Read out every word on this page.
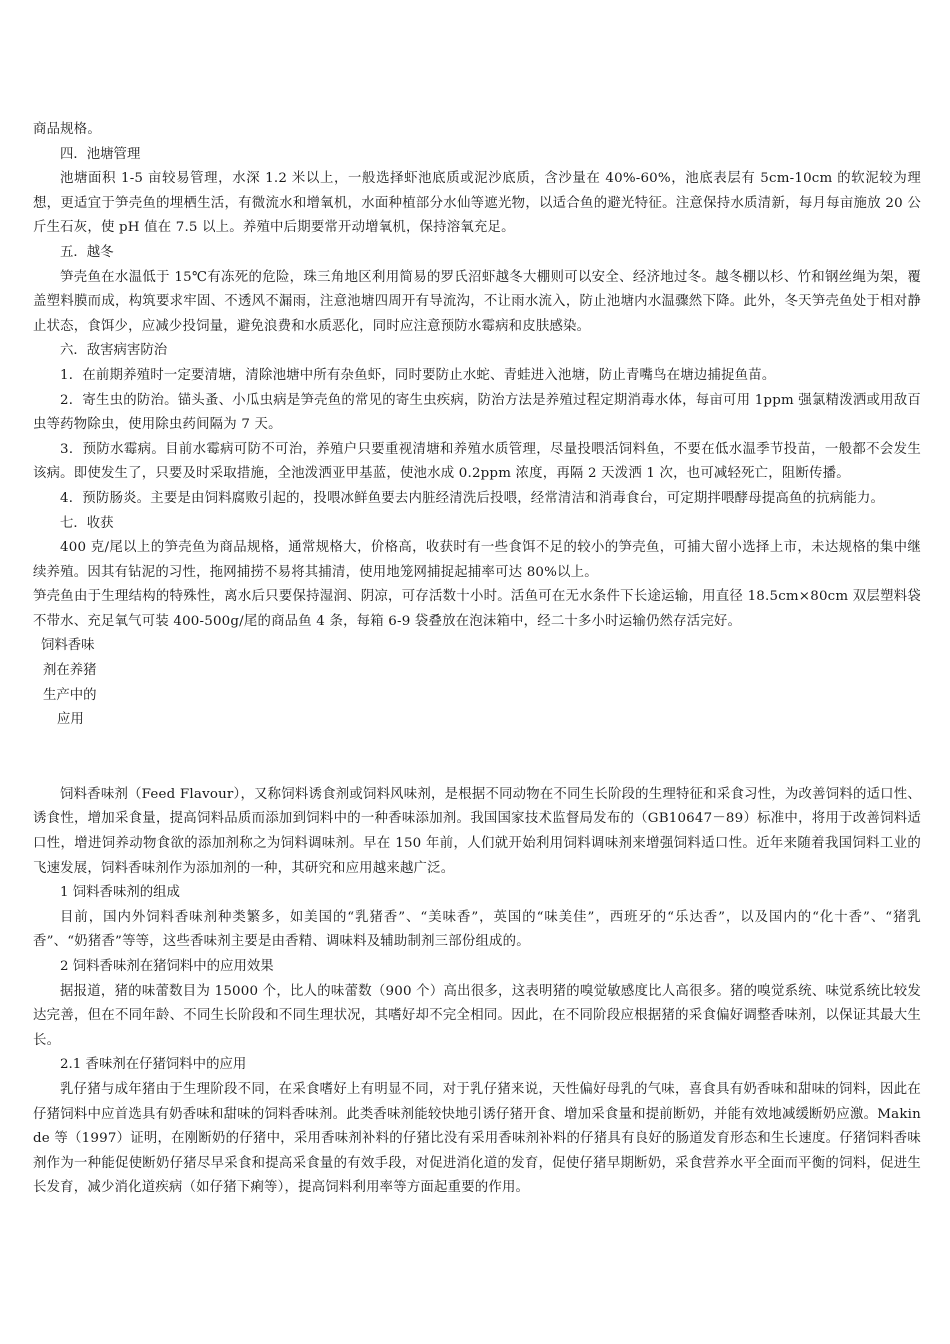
商品规格。

四．池塘管理

池塘面积 1-5 亩较易管理，水深 1.2 米以上，一般选择虾池底质或泥沙底质，含沙量在 40%-60%，池底表层有 5cm-10cm 的软泥较为理想，更适宜于笋壳鱼的埋栖生活，有微流水和增氧机，水面种植部分水仙等遮光物，以适合鱼的避光特征。注意保持水质清新，每月每亩施放 20 公斤生石灰，使 pH 值在 7.5 以上。养殖中后期要常开动增氧机，保持溶氧充足。

五．越冬

笋壳鱼在水温低于 15℃有冻死的危险，珠三角地区利用简易的罗氏沼虾越冬大棚则可以安全、经济地过冬。越冬棚以杉、竹和钢丝绳为架，覆盖塑料膜而成，构筑要求牢固、不透风不漏雨，注意池塘四周开有导流沟，不让雨水流入，防止池塘内水温骤然下降。此外，冬天笋壳鱼处于相对静止状态，食饵少，应减少投饲量，避免浪费和水质恶化，同时应注意预防水霉病和皮肤感染。

六．敌害病害防治

1．在前期养殖时一定要清塘，清除池塘中所有杂鱼虾，同时要防止水蛇、青蛙进入池塘，防止青嘴鸟在塘边捕捉鱼苗。

2．寄生虫的防治。锚头蚤、小瓜虫病是笋壳鱼的常见的寄生虫疾病，防治方法是养殖过程定期消毒水体，每亩可用 1ppm 强氯精泼洒或用敌百虫等药物除虫，使用除虫药间隔为 7 天。

3．预防水霉病。目前水霉病可防不可治，养殖户只要重视清塘和养殖水质管理，尽量投喂活饲料鱼，不要在低水温季节投苗，一般都不会发生该病。即使发生了，只要及时采取措施，全池泼洒亚甲基蓝，使池水成 0.2ppm 浓度，再隔 2 天泼洒 1 次，也可减轻死亡，阻断传播。

4．预防肠炎。主要是由饲料腐败引起的，投喂冰鲜鱼要去内脏经清洗后投喂，经常清洁和消毒食台，可定期拌喂酵母提高鱼的抗病能力。

七．收获

400 克/尾以上的笋壳鱼为商品规格，通常规格大，价格高，收获时有一些食饵不足的较小的笋壳鱼，可捕大留小选择上市，未达规格的集中继续养殖。因其有钻泥的习性，拖网捕捞不易将其捕清，使用地笼网捕捉起捕率可达 80%以上。

笋壳鱼由于生理结构的特殊性，离水后只要保持湿润、阴凉，可存活数十小时。活鱼可在无水条件下长途运输，用直径 18.5cm×80cm 双层塑料袋不带水、充足氧气可装 400-500g/尾的商品鱼 4 条，每箱 6-9 袋叠放在泡沫箱中，经二十多小时运输仍然存活完好。

饲料香味
剂在养猪
生产中的
应用

饲料香味剂（Feed Flavour），又称饲料诱食剂或饲料风味剂，是根据不同动物在不同生长阶段的生理特征和采食习性，为改善饲料的适口性、诱食性，增加采食量，提高饲料品质而添加到饲料中的一种香味添加剂。我国国家技术监督局发布的（GB10647－89）标准中，将用于改善饲料适口性，增进饲养动物食欲的添加剂称之为饲料调味剂。早在 150 年前，人们就开始利用饲料调味剂来增强饲料适口性。近年来随着我国饲料工业的飞速发展，饲料香味剂作为添加剂的一种，其研究和应用越来越广泛。

1 饲料香味剂的组成

目前，国内外饲料香味剂种类繁多，如美国的“乳猪香”、“美味香”，英国的“味美佳”，西班牙的“乐达香”，以及国内的“化十香”、“猪乳香”、“奶猪香”等等，这些香味剂主要是由香精、调味料及辅助制剂三部份组成的。

2 饲料香味剂在猪饲料中的应用效果

据报道，猪的味蕾数目为 15000 个，比人的味蕾数（900 个）高出很多，这表明猪的嗅觉敏感度比人高很多。猪的嗅觉系统、味觉系统比较发达完善，但在不同年龄、不同生长阶段和不同生理状况，其嗜好却不完全相同。因此，在不同阶段应根据猪的采食偏好调整香味剂，以保证其最大生长。

2.1 香味剂在仔猪饲料中的应用

乳仔猪与成年猪由于生理阶段不同，在采食嗜好上有明显不同，对于乳仔猪来说，天性偏好母乳的气味，喜食具有奶香味和甜味的饲料，因此在仔猪饲料中应首选具有奶香味和甜味的饲料香味剂。此类香味剂能较快地引诱仔猪开食、增加采食量和提前断奶，并能有效地减缓断奶应激。Makinde 等（1997）证明，在刚断奶的仔猪中，采用香味剂补料的仔猪比没有采用香味剂补料的仔猪具有良好的肠道发育形态和生长速度。仔猪饲料香味剂作为一种能促使断奶仔猪尽早采食和提高采食量的有效手段，对促进消化道的发育，促使仔猪早期断奶，采食营养水平全面而平衡的饲料，促进生长发育，减少消化道疾病（如仔猪下痢等），提高饲料利用率等方面起重要的作用。
